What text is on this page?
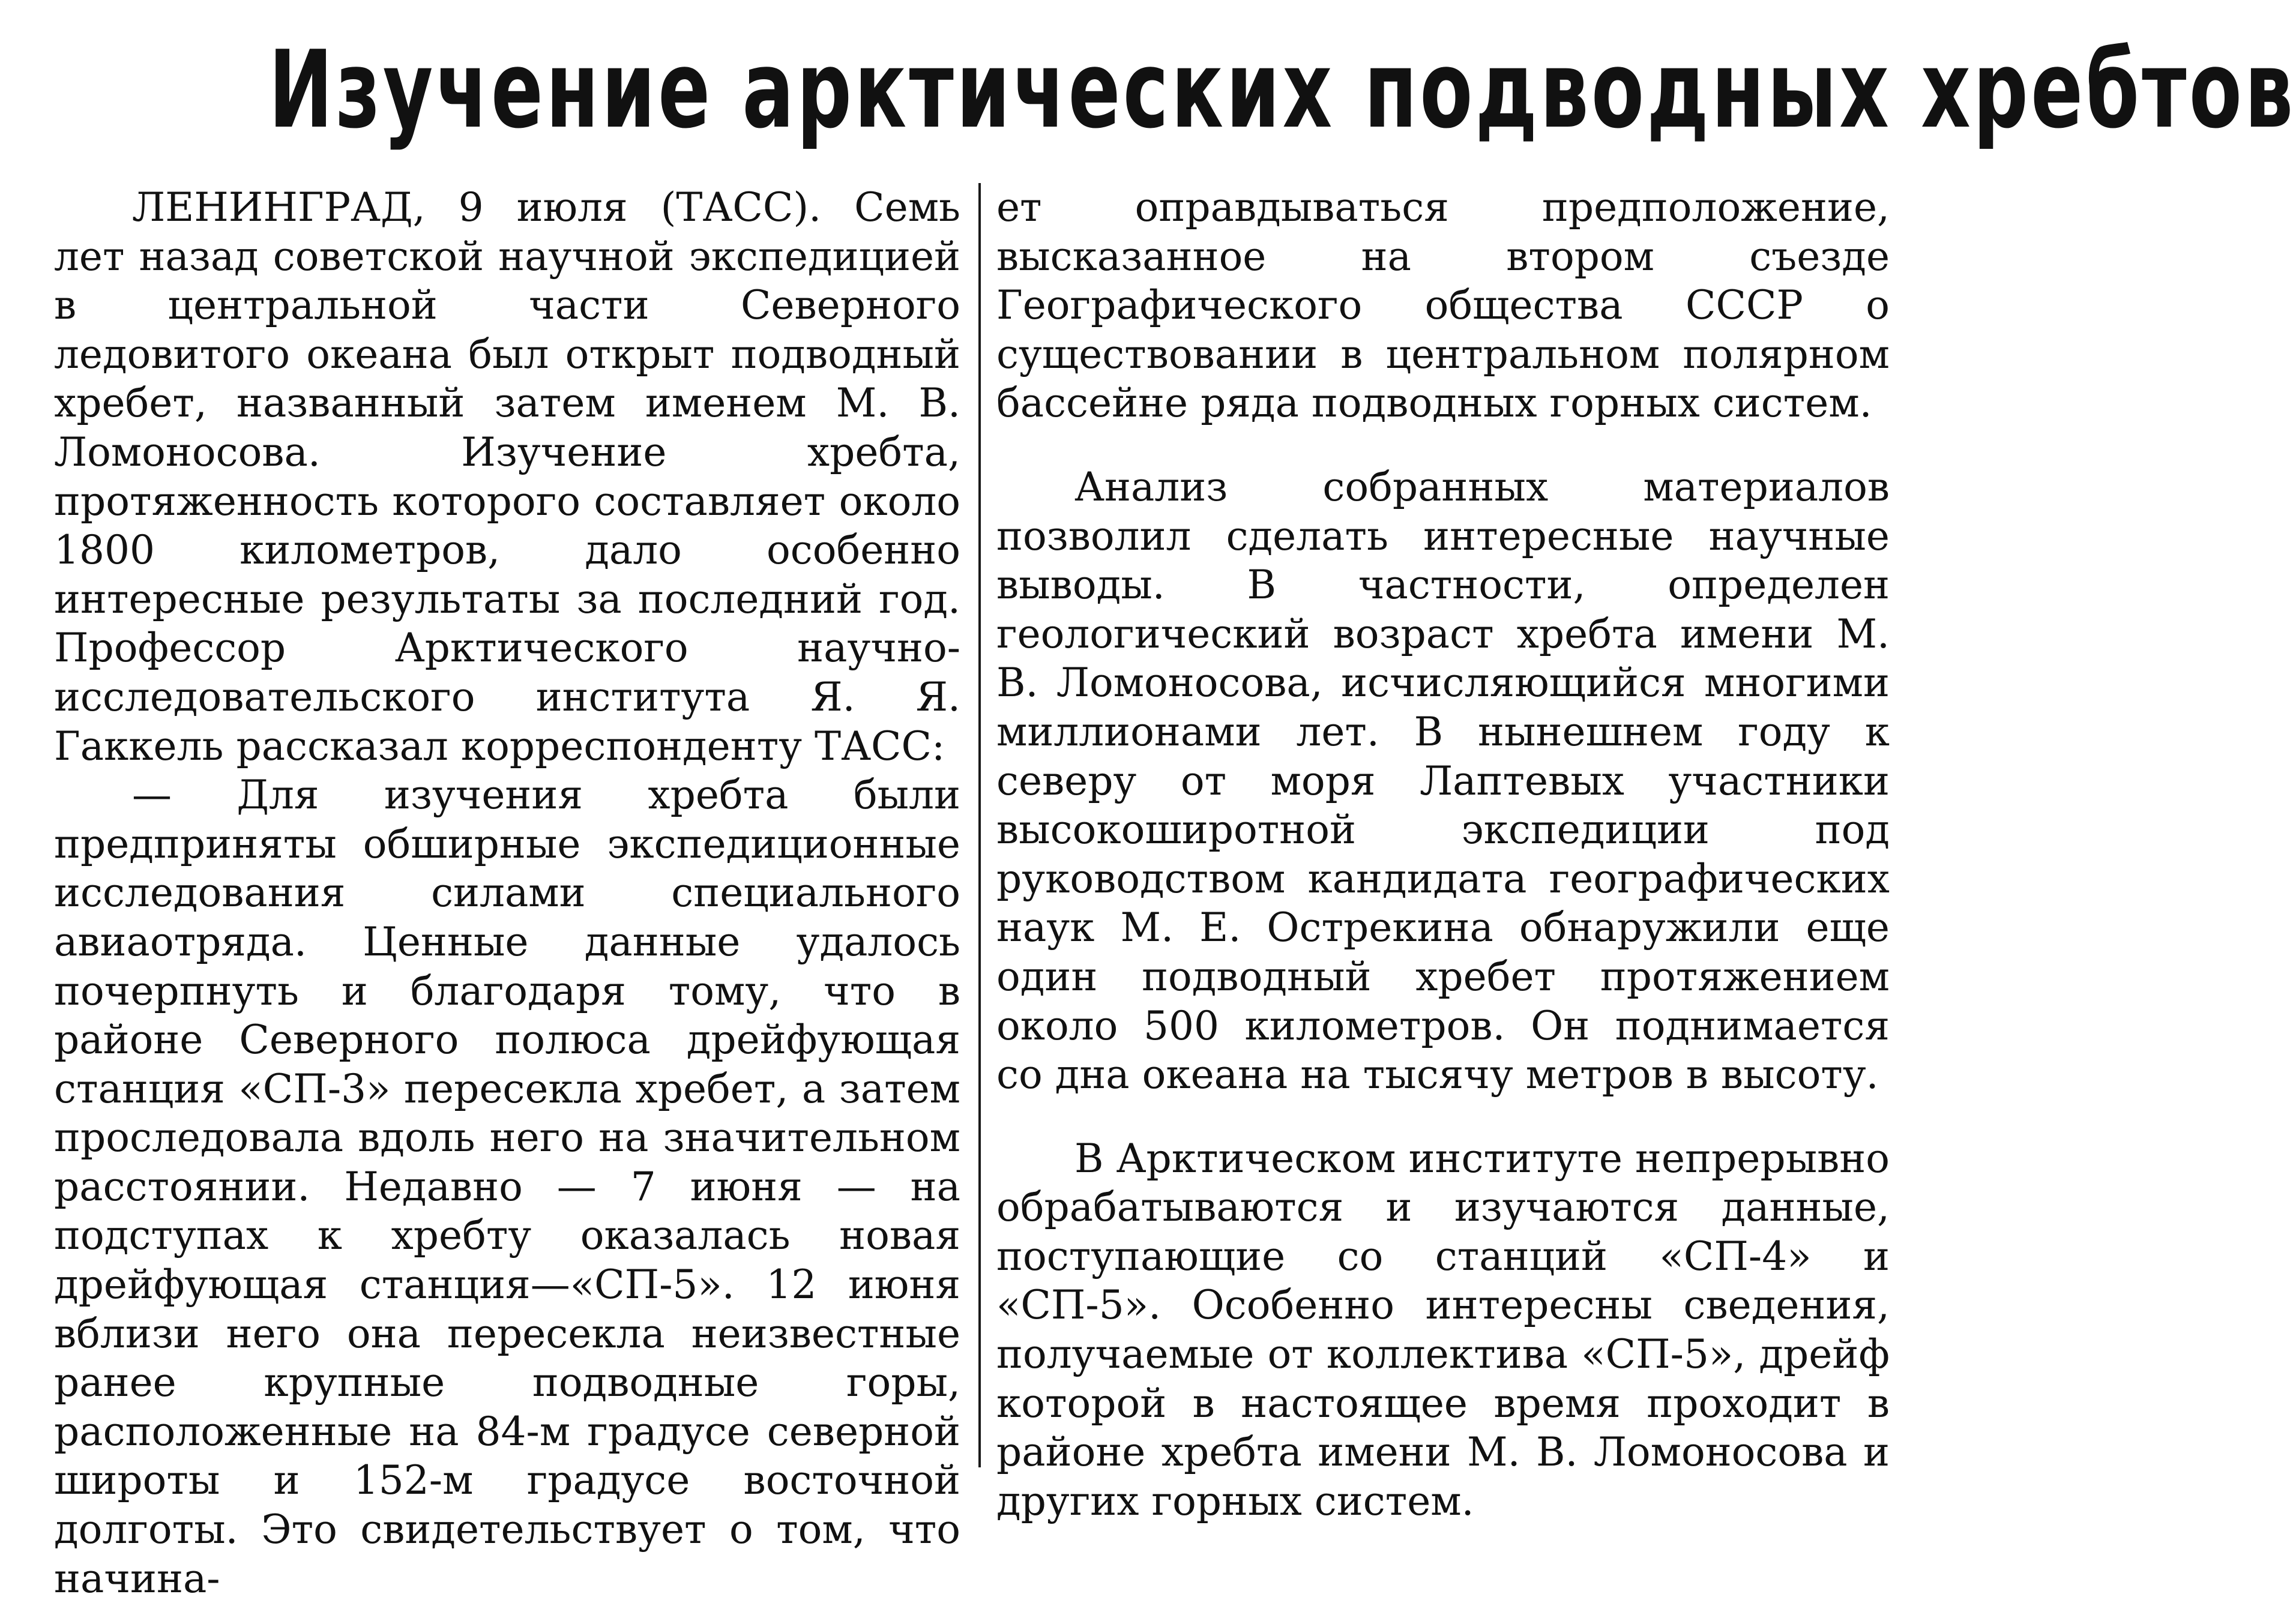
Изучение арктических подводных хребтов

ЛЕНИНГРАД, 9 июля (ТАСС). Семь лет назад советской научной экспедицией в центральной части Северного ледовитого океана был открыт подводный хребет, названный затем именем М. В. Ломоносова. Изучение хребта, протяженность которого составляет около 1800 километров, дало особенно интересные результаты за последний год. Профессор Арктического научно-исследовательского института Я. Я. Гаккель рассказал корреспонденту ТАСС:

— Для изучения хребта были предприняты обширные экспедиционные исследования силами специального авиаотряда. Ценные данные удалось почерпнуть и благодаря тому, что в районе Северного полюса дрейфующая станция «СП-3» пересекла хребет, а затем проследовала вдоль него на значительном расстоянии. Недавно — 7 июня — на подступах к хребту оказалась новая дрейфующая станция—«СП-5». 12 июня вблизи него она пересекла неизвестные ранее крупные подводные горы, расположенные на 84-м градусе северной широты и 152-м градусе восточной долготы. Это свидетельствует о том, что начина-

ет оправдываться предположение, высказанное на втором съезде Географического общества СССР о существовании в центральном полярном бассейне ряда подводных горных систем.

Анализ собранных материалов позволил сделать интересные научные выводы. В частности, определен геологический возраст хребта имени М. В. Ломоносова, исчисляющийся многими миллионами лет. В нынешнем году к северу от моря Лаптевых участники высокоширотной экспедиции под руководством кандидата географических наук М. Е. Острекина обнаружили еще один подводный хребет протяжением около 500 километров. Он поднимается со дна океана на тысячу метров в высоту.

В Арктическом институте непрерывно обрабатываются и изучаются данные, поступающие со станций «СП-4» и «СП-5». Особенно интересны сведения, получаемые от коллектива «СП-5», дрейф которой в настоящее время проходит в районе хребта имени М. В. Ломоносова и других горных систем.
